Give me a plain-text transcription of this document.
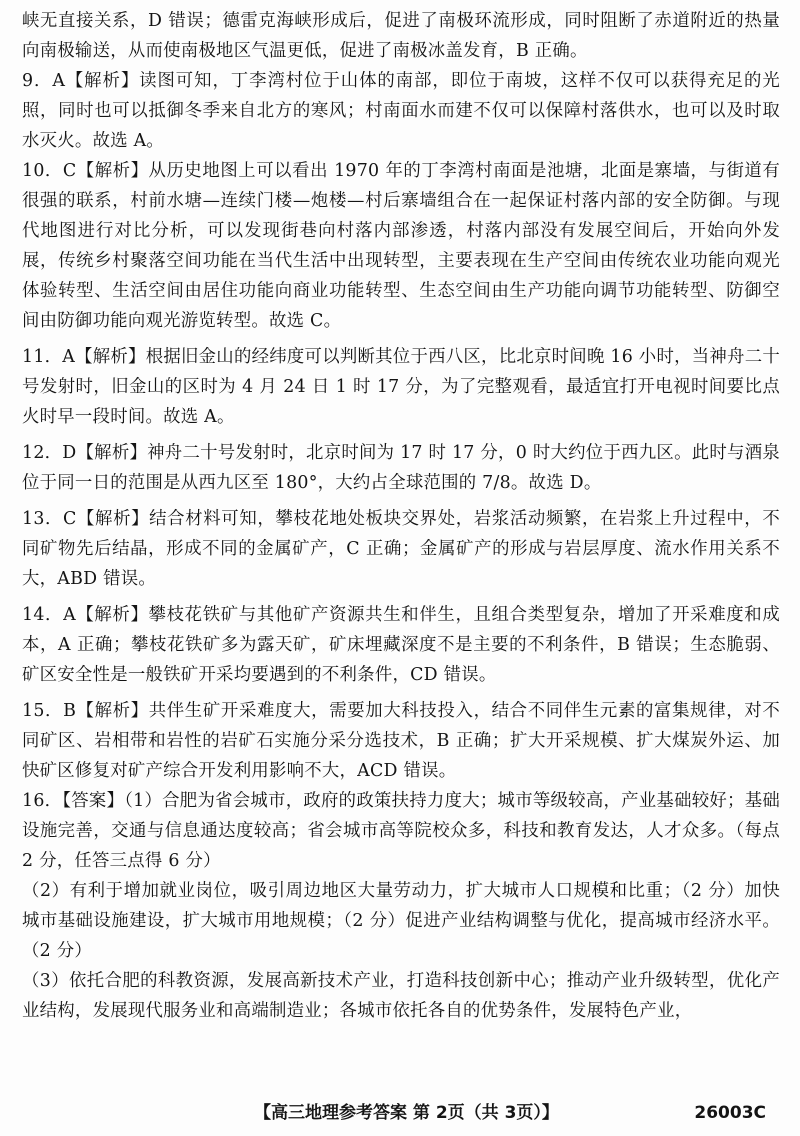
峡无直接关系，D 错误；德雷克海峡形成后，促进了南极环流形成，同时阻断了赤道附近的热量向南极输送，从而使南极地区气温更低，促进了南极冰盖发育，B 正确。

9．A【解析】读图可知，丁李湾村位于山体的南部，即位于南坡，这样不仅可以获得充足的光照，同时也可以抵御冬季来自北方的寒风；村南面水而建不仅可以保障村落供水，也可以及时取水灭火。故选 A。

10．C【解析】从历史地图上可以看出 1970 年的丁李湾村南面是池塘，北面是寨墙，与街道有很强的联系，村前水塘—连续门楼—炮楼—村后寨墙组合在一起保证村落内部的安全防御。与现代地图进行对比分析，可以发现街巷向村落内部渗透，村落内部没有发展空间后，开始向外发展，传统乡村聚落空间功能在当代生活中出现转型，主要表现在生产空间由传统农业功能向观光体验转型、生活空间由居住功能向商业功能转型、生态空间由生产功能向调节功能转型、防御空间由防御功能向观光游览转型。故选 C。

11．A【解析】根据旧金山的经纬度可以判断其位于西八区，比北京时间晚 16 小时，当神舟二十号发射时，旧金山的区时为 4 月 24 日 1 时 17 分，为了完整观看，最适宜打开电视时间要比点火时早一段时间。故选 A。

12．D【解析】神舟二十号发射时，北京时间为 17 时 17 分，0 时大约位于西九区。此时与酒泉位于同一日的范围是从西九区至 180°，大约占全球范围的 7/8。故选 D。

13．C【解析】结合材料可知，攀枝花地处板块交界处，岩浆活动频繁，在岩浆上升过程中，不同矿物先后结晶，形成不同的金属矿产，C 正确；金属矿产的形成与岩层厚度、流水作用关系不大，ABD 错误。

14．A【解析】攀枝花铁矿与其他矿产资源共生和伴生，且组合类型复杂，增加了开采难度和成本，A 正确；攀枝花铁矿多为露天矿，矿床埋藏深度不是主要的不利条件，B 错误；生态脆弱、矿区安全性是一般铁矿开采均要遇到的不利条件，CD 错误。

15．B【解析】共伴生矿开采难度大，需要加大科技投入，结合不同伴生元素的富集规律，对不同矿区、岩相带和岩性的岩矿石实施分采分选技术，B 正确；扩大开采规模、扩大煤炭外运、加快矿区修复对矿产综合开发利用影响不大，ACD 错误。

16．【答案】（1）合肥为省会城市，政府的政策扶持力度大；城市等级较高，产业基础较好；基础设施完善，交通与信息通达度较高；省会城市高等院校众多，科技和教育发达，人才众多。（每点 2 分，任答三点得 6 分）

（2）有利于增加就业岗位，吸引周边地区大量劳动力，扩大城市人口规模和比重；（2 分）加快城市基础设施建设，扩大城市用地规模；（2 分）促进产业结构调整与优化，提高城市经济水平。（2 分）

（3）依托合肥的科教资源，发展高新技术产业，打造科技创新中心；推动产业升级转型，优化产业结构，发展现代服务业和高端制造业；各城市依托各自的优势条件，发展特色产业，

【高三地理参考答案 第 2页（共 3页）】	26003C
